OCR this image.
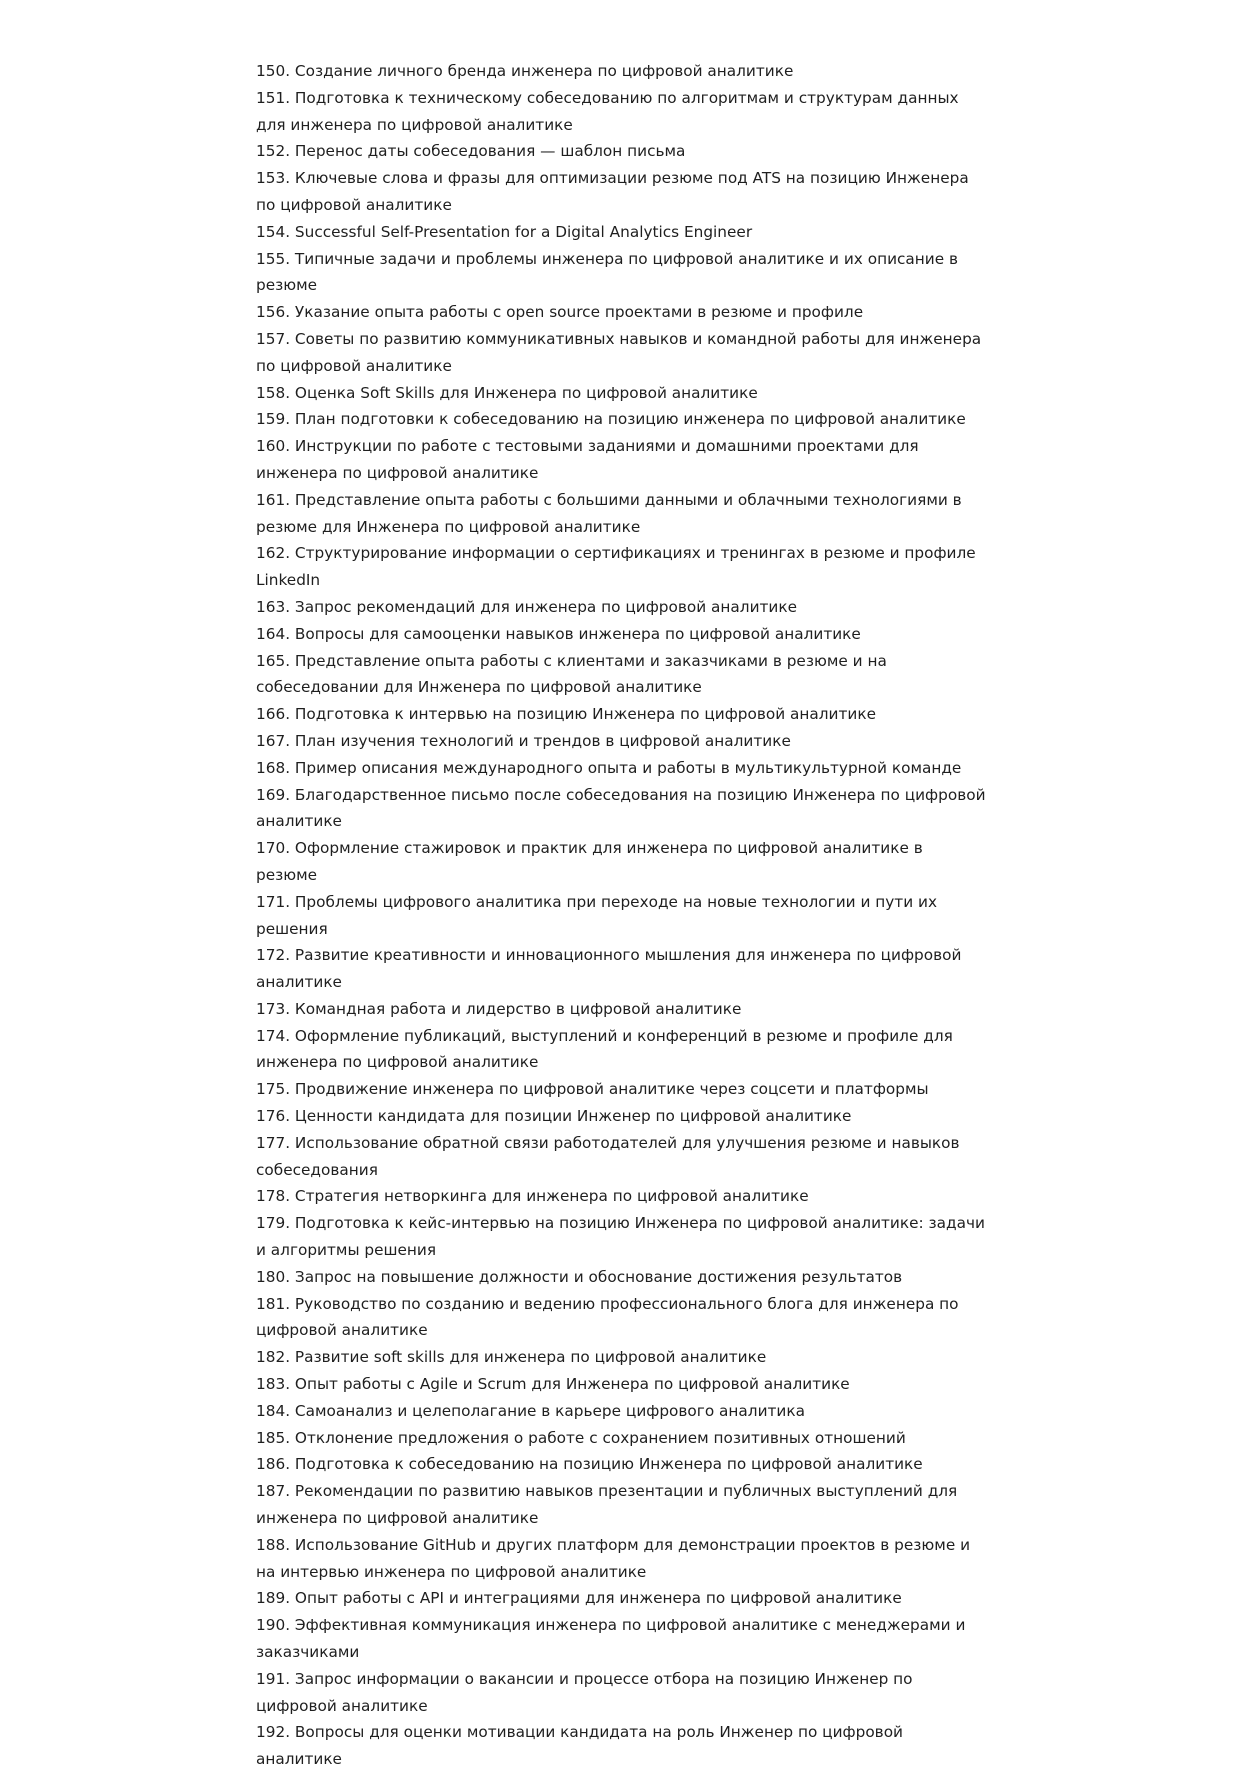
150. Создание личного бренда инженера по цифровой аналитике

151. Подготовка к техническому собеседованию по алгоритмам и структурам данных для инженера по цифровой аналитике

152. Перенос даты собеседования — шаблон письма

153. Ключевые слова и фразы для оптимизации резюме под ATS на позицию Инженера по цифровой аналитике

154. Successful Self-Presentation for a Digital Analytics Engineer

155. Типичные задачи и проблемы инженера по цифровой аналитике и их описание в резюме

156. Указание опыта работы с open source проектами в резюме и профиле

157. Советы по развитию коммуникативных навыков и командной работы для инженера по цифровой аналитике

158. Оценка Soft Skills для Инженера по цифровой аналитике

159. План подготовки к собеседованию на позицию инженера по цифровой аналитике

160. Инструкции по работе с тестовыми заданиями и домашними проектами для инженера по цифровой аналитике

161. Представление опыта работы с большими данными и облачными технологиями в резюме для Инженера по цифровой аналитике

162. Структурирование информации о сертификациях и тренингах в резюме и профиле LinkedIn

163. Запрос рекомендаций для инженера по цифровой аналитике

164. Вопросы для самооценки навыков инженера по цифровой аналитике

165. Представление опыта работы с клиентами и заказчиками в резюме и на собеседовании для Инженера по цифровой аналитике

166. Подготовка к интервью на позицию Инженера по цифровой аналитике

167. План изучения технологий и трендов в цифровой аналитике

168. Пример описания международного опыта и работы в мультикультурной команде

169. Благодарственное письмо после собеседования на позицию Инженера по цифровой аналитике

170. Оформление стажировок и практик для инженера по цифровой аналитике в резюме

171. Проблемы цифрового аналитика при переходе на новые технологии и пути их решения

172. Развитие креативности и инновационного мышления для инженера по цифровой аналитике

173. Командная работа и лидерство в цифровой аналитике

174. Оформление публикаций, выступлений и конференций в резюме и профиле для инженера по цифровой аналитике

175. Продвижение инженера по цифровой аналитике через соцсети и платформы

176. Ценности кандидата для позиции Инженер по цифровой аналитике

177. Использование обратной связи работодателей для улучшения резюме и навыков собеседования

178. Стратегия нетворкинга для инженера по цифровой аналитике

179. Подготовка к кейс-интервью на позицию Инженера по цифровой аналитике: задачи и алгоритмы решения

180. Запрос на повышение должности и обоснование достижения результатов

181. Руководство по созданию и ведению профессионального блога для инженера по цифровой аналитике

182. Развитие soft skills для инженера по цифровой аналитике

183. Опыт работы с Agile и Scrum для Инженера по цифровой аналитике

184. Самоанализ и целеполагание в карьере цифрового аналитика

185. Отклонение предложения о работе с сохранением позитивных отношений

186. Подготовка к собеседованию на позицию Инженера по цифровой аналитике

187. Рекомендации по развитию навыков презентации и публичных выступлений для инженера по цифровой аналитике

188. Использование GitHub и других платформ для демонстрации проектов в резюме и на интервью инженера по цифровой аналитике

189. Опыт работы с API и интеграциями для инженера по цифровой аналитике

190. Эффективная коммуникация инженера по цифровой аналитике с менеджерами и заказчиками

191. Запрос информации о вакансии и процессе отбора на позицию Инженер по цифровой аналитике

192. Вопросы для оценки мотивации кандидата на роль Инженер по цифровой аналитике
